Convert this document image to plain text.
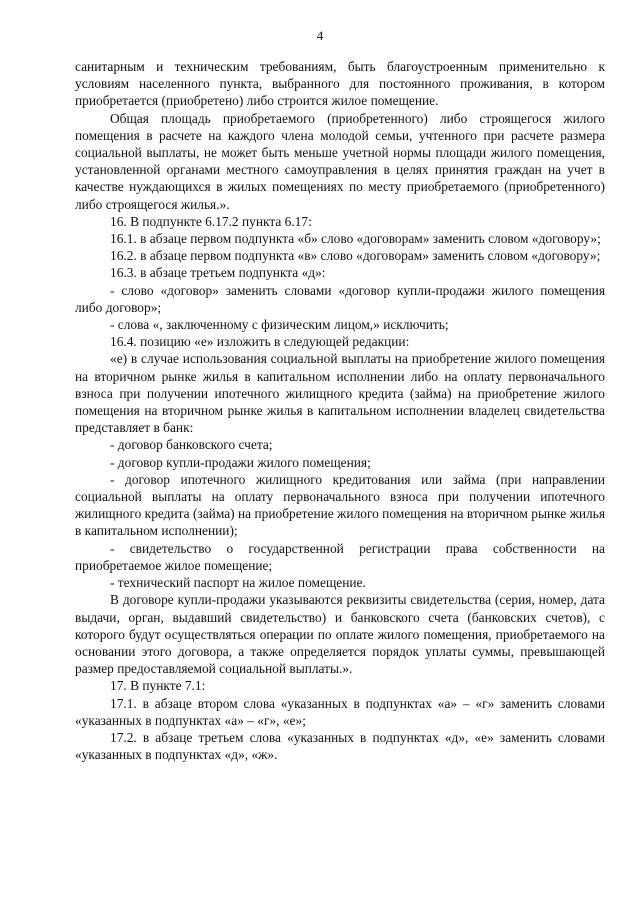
4

санитарным и техническим требованиям, быть благоустроенным применительно к условиям населенного пункта, выбранного для постоянного проживания, в котором приобретается (приобретено) либо строится жилое помещение.

Общая площадь приобретаемого (приобретенного) либо строящегося жилого помещения в расчете на каждого члена молодой семьи, учтенного при расчете размера социальной выплаты, не может быть меньше учетной нормы площади жилого помещения, установленной органами местного самоуправления в целях принятия граждан на учет в качестве нуждающихся в жилых помещениях по месту приобретаемого (приобретенного) либо строящегося жилья.».

16. В подпункте 6.17.2 пункта 6.17:

16.1. в абзаце первом подпункта «б» слово «договорам» заменить словом «договору»;

16.2. в абзаце первом подпункта «в» слово «договорам» заменить словом «договору»;

16.3. в абзаце третьем подпункта «д»:

- слово «договор» заменить словами «договор купли-продажи жилого помещения либо договор»;

- слова «, заключенному с физическим лицом,» исключить;

16.4. позицию «е» изложить в следующей редакции:

«е) в случае использования социальной выплаты на приобретение жилого помещения на вторичном рынке жилья в капитальном исполнении либо на оплату первоначального взноса при получении ипотечного жилищного кредита (займа) на приобретение жилого помещения на вторичном рынке жилья в капитальном исполнении владелец свидетельства представляет в банк:

- договор банковского счета;

- договор купли-продажи жилого помещения;

- договор ипотечного жилищного кредитования или займа (при направлении социальной выплаты на оплату первоначального взноса при получении ипотечного жилищного кредита (займа) на приобретение жилого помещения на вторичном рынке жилья в капитальном исполнении);

- свидетельство о государственной регистрации права собственности на приобретаемое жилое помещение;

- технический паспорт на жилое помещение.

В договоре купли-продажи указываются реквизиты свидетельства (серия, номер, дата выдачи, орган, выдавший свидетельство) и банковского счета (банковских счетов), с которого будут осуществляться операции по оплате жилого помещения, приобретаемого на основании этого договора, а также определяется порядок уплаты суммы, превышающей размер предоставляемой социальной выплаты.».

17. В пункте 7.1:

17.1. в абзаце втором слова «указанных в подпунктах «а» – «г» заменить словами «указанных в подпунктах «а» – «г», «е»;

17.2. в абзаце третьем слова «указанных в подпунктах «д», «е» заменить словами «указанных в подпунктах «д», «ж».
